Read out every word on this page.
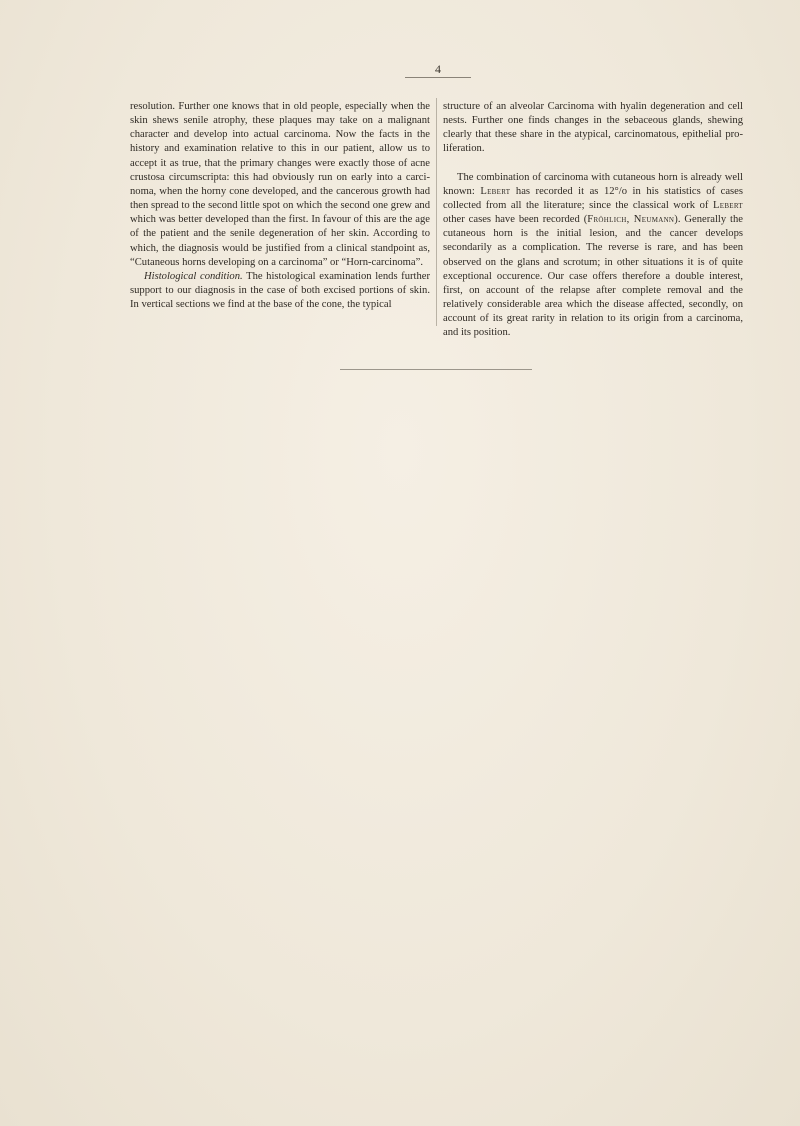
4

resolution. Further one knows that in old people, especially when the skin shews senile atrophy, these plaques may take on a malignant character and develop into actual carcinoma. Now the facts in the history and examination relative to this in our patient, allow us to accept it as true, that the primary changes were exactly those of acne crustosa circumscripta: this had obviously run on early into a carcinoma, when the horny cone developed, and the cancerous growth had then spread to the second little spot on which the second one grew and which was better developed than the first. In favour of this are the age of the patient and the senile degeneration of her skin. According to which, the diagnosis would be justified from a clinical standpoint as, “Cutaneous horns developing on a carcinoma” or “Horn-carcinoma”.

Histological condition. The histological examination lends further support to our diagnosis in the case of both excised portions of skin. In vertical sections we find at the base of the cone, the typical

structure of an alveolar Carcinoma with hyalin degeneration and cell nests. Further one finds changes in the sebaceous glands, shewing clearly that these share in the atypical, carcinomatous, epithelial proliferation.

The combination of carcinoma with cutaneous horn is already well known: Lebert has recorded it as 12°/o in his statistics of cases collected from all the literature; since the classical work of Lebert other cases have been recorded (Fröhlich, Neumann). Generally the cutaneous horn is the initial lesion, and the cancer develops secondarily as a complication. The reverse is rare, and has been observed on the glans and scrotum; in other situations it is of quite exceptional occurence. Our case offers therefore a double interest, first, on account of the relapse after complete removal and the relatively considerable area which the disease affected, secondly, on account of its great rarity in relation to its origin from a carcinoma, and its position.
